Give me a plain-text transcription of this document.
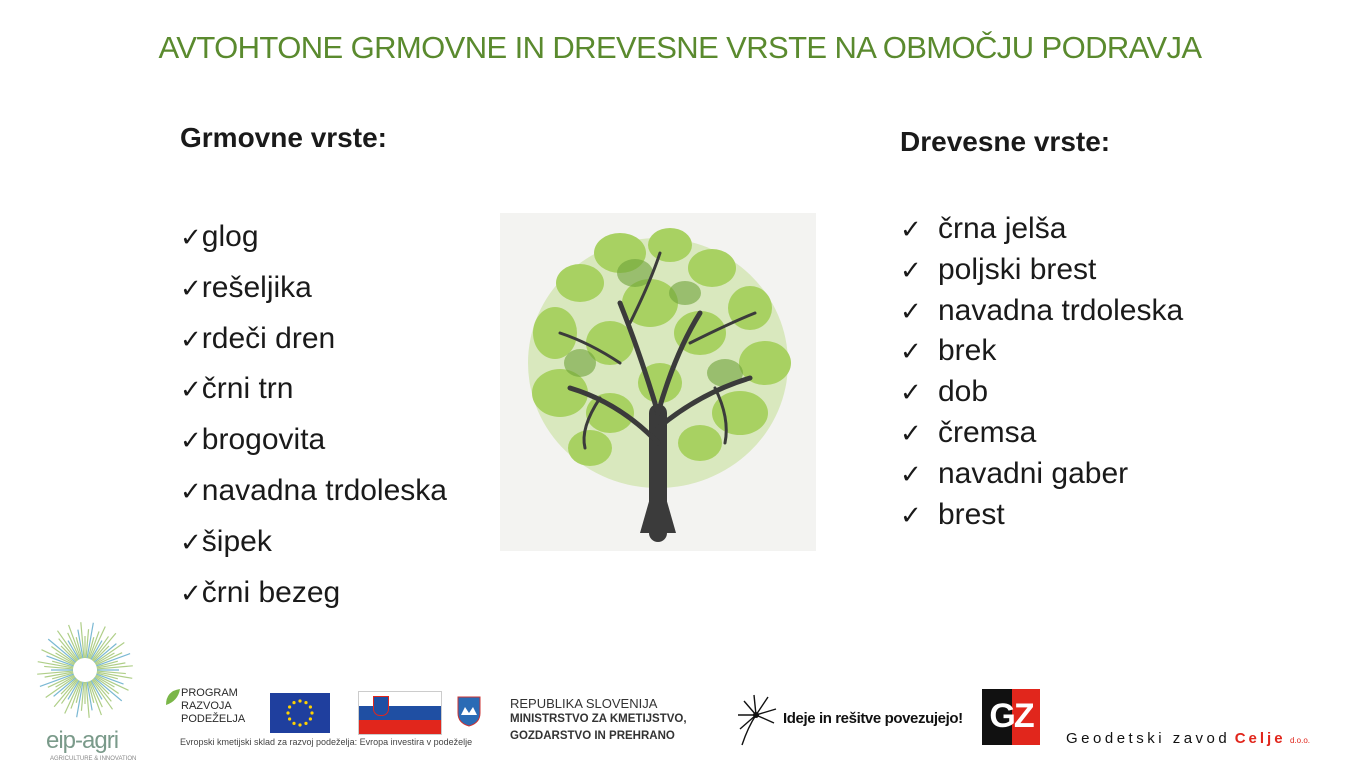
AVTOHTONE GRMOVNE IN DREVESNE VRSTE NA OBMOČJU PODRAVJA

Grmovne vrste:

✓glog
✓rešeljika
✓rdeči dren
✓črni trn
✓brogovita
✓navadna trdoleska
✓šipek
✓črni bezeg

Drevesne vrste:

✓ črna jelša
✓ poljski brest
✓ navadna trdoleska
✓ brek
✓ dob
✓ čremsa
✓ navadni gaber
✓ brest
eip-agri
AGRICULTURE & INNOVATION
PROGRAM
RAZVOJA
PODEŽELJA
Evropski kmetijski sklad za razvoj podeželja: Evropa investira v podeželje
REPUBLIKA SLOVENIJA
MINISTRSTVO ZA KMETIJSTVO,
GOZDARSTVO IN PREHRANO
Ideje in rešitve povezujejo! GZ
Geodetski zavod Celje d.o.o.
